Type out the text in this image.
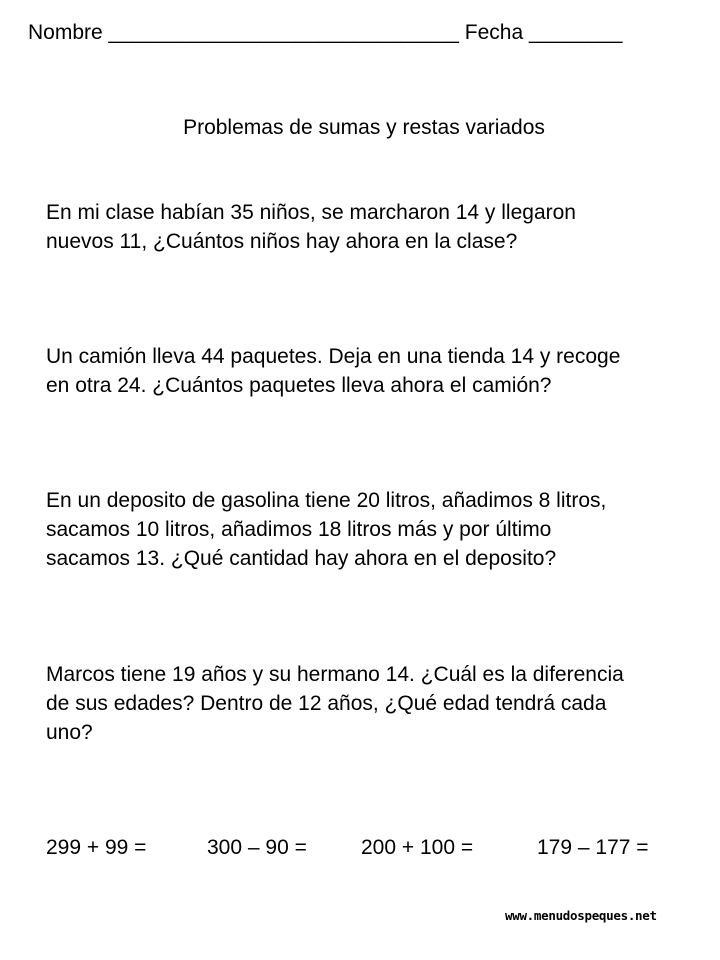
Nombre ______________________________ Fecha ________
Problemas de sumas y restas variados

En mi clase habían 35 niños, se marcharon 14 y llegaron

nuevos 11, ¿Cuántos niños hay ahora en la clase?

Un camión lleva 44 paquetes. Deja en una tienda 14 y recoge

en otra 24. ¿Cuántos paquetes lleva ahora el camión?

En un deposito de gasolina tiene 20 litros, añadimos 8 litros,

sacamos 10 litros, añadimos 18 litros más y por último

sacamos 13. ¿Qué cantidad hay ahora en el deposito?

Marcos tiene 19 años y su hermano 14. ¿Cuál es la diferencia

de sus edades? Dentro de 12 años, ¿Qué edad tendrá cada

uno?

299 + 99 =	300 – 90 =	200 + 100 =	179 – 177 =
www.menudospeques.net
